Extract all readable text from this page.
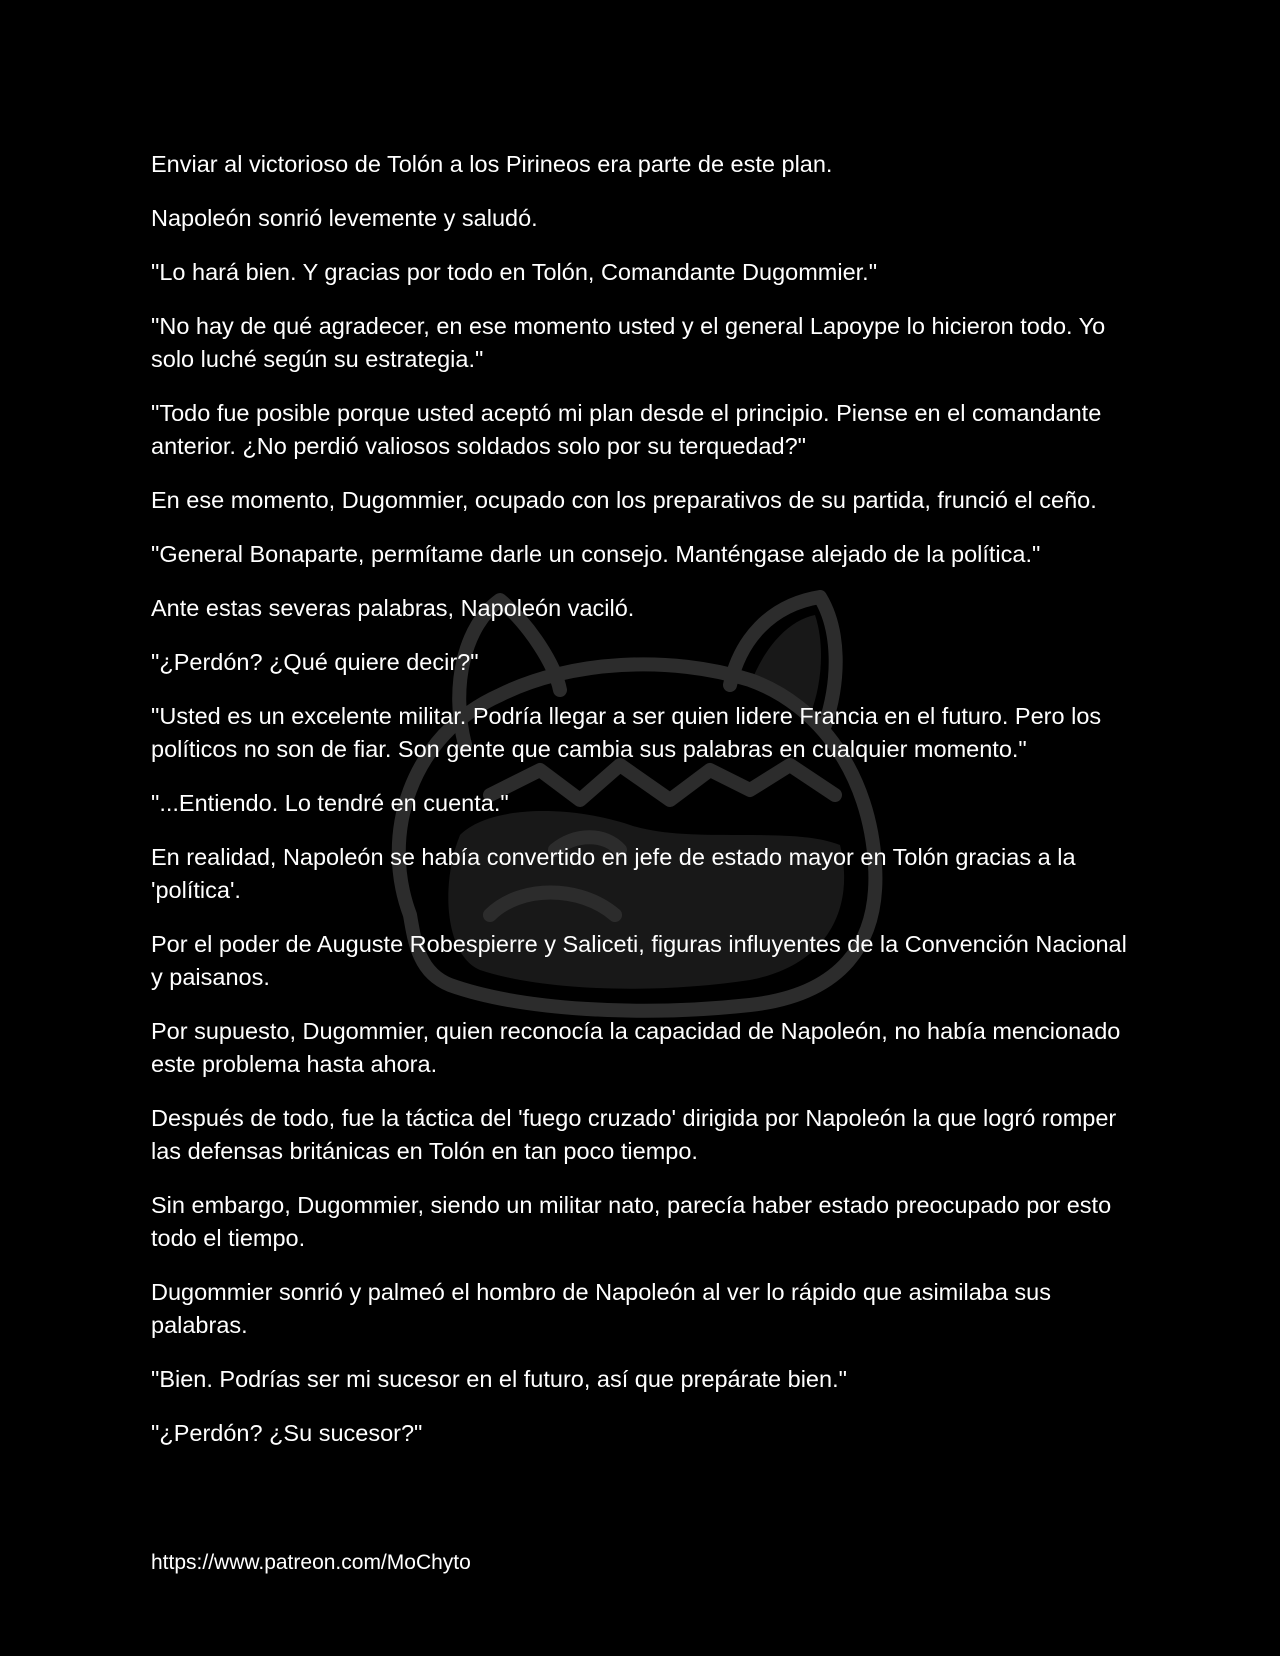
Enviar al victorioso de Tolón a los Pirineos era parte de este plan.

Napoleón sonrió levemente y saludó.

"Lo hará bien. Y gracias por todo en Tolón, Comandante Dugommier."

"No hay de qué agradecer, en ese momento usted y el general Lapoype lo hicieron todo. Yo solo luché según su estrategia."

"Todo fue posible porque usted aceptó mi plan desde el principio. Piense en el comandante anterior. ¿No perdió valiosos soldados solo por su terquedad?"

En ese momento, Dugommier, ocupado con los preparativos de su partida, frunció el ceño.

"General Bonaparte, permítame darle un consejo. Manténgase alejado de la política."

Ante estas severas palabras, Napoleón vaciló.

"¿Perdón? ¿Qué quiere decir?"

"Usted es un excelente militar. Podría llegar a ser quien lidere Francia en el futuro. Pero los políticos no son de fiar. Son gente que cambia sus palabras en cualquier momento."

"...Entiendo. Lo tendré en cuenta."

En realidad, Napoleón se había convertido en jefe de estado mayor en Tolón gracias a la 'política'.

Por el poder de Auguste Robespierre y Saliceti, figuras influyentes de la Convención Nacional y paisanos.

Por supuesto, Dugommier, quien reconocía la capacidad de Napoleón, no había mencionado este problema hasta ahora.

Después de todo, fue la táctica del 'fuego cruzado' dirigida por Napoleón la que logró romper las defensas británicas en Tolón en tan poco tiempo.

Sin embargo, Dugommier, siendo un militar nato, parecía haber estado preocupado por esto todo el tiempo.

Dugommier sonrió y palmeó el hombro de Napoleón al ver lo rápido que asimilaba sus palabras.

"Bien. Podrías ser mi sucesor en el futuro, así que prepárate bien."

"¿Perdón? ¿Su sucesor?"

https://www.patreon.com/MoChyto
